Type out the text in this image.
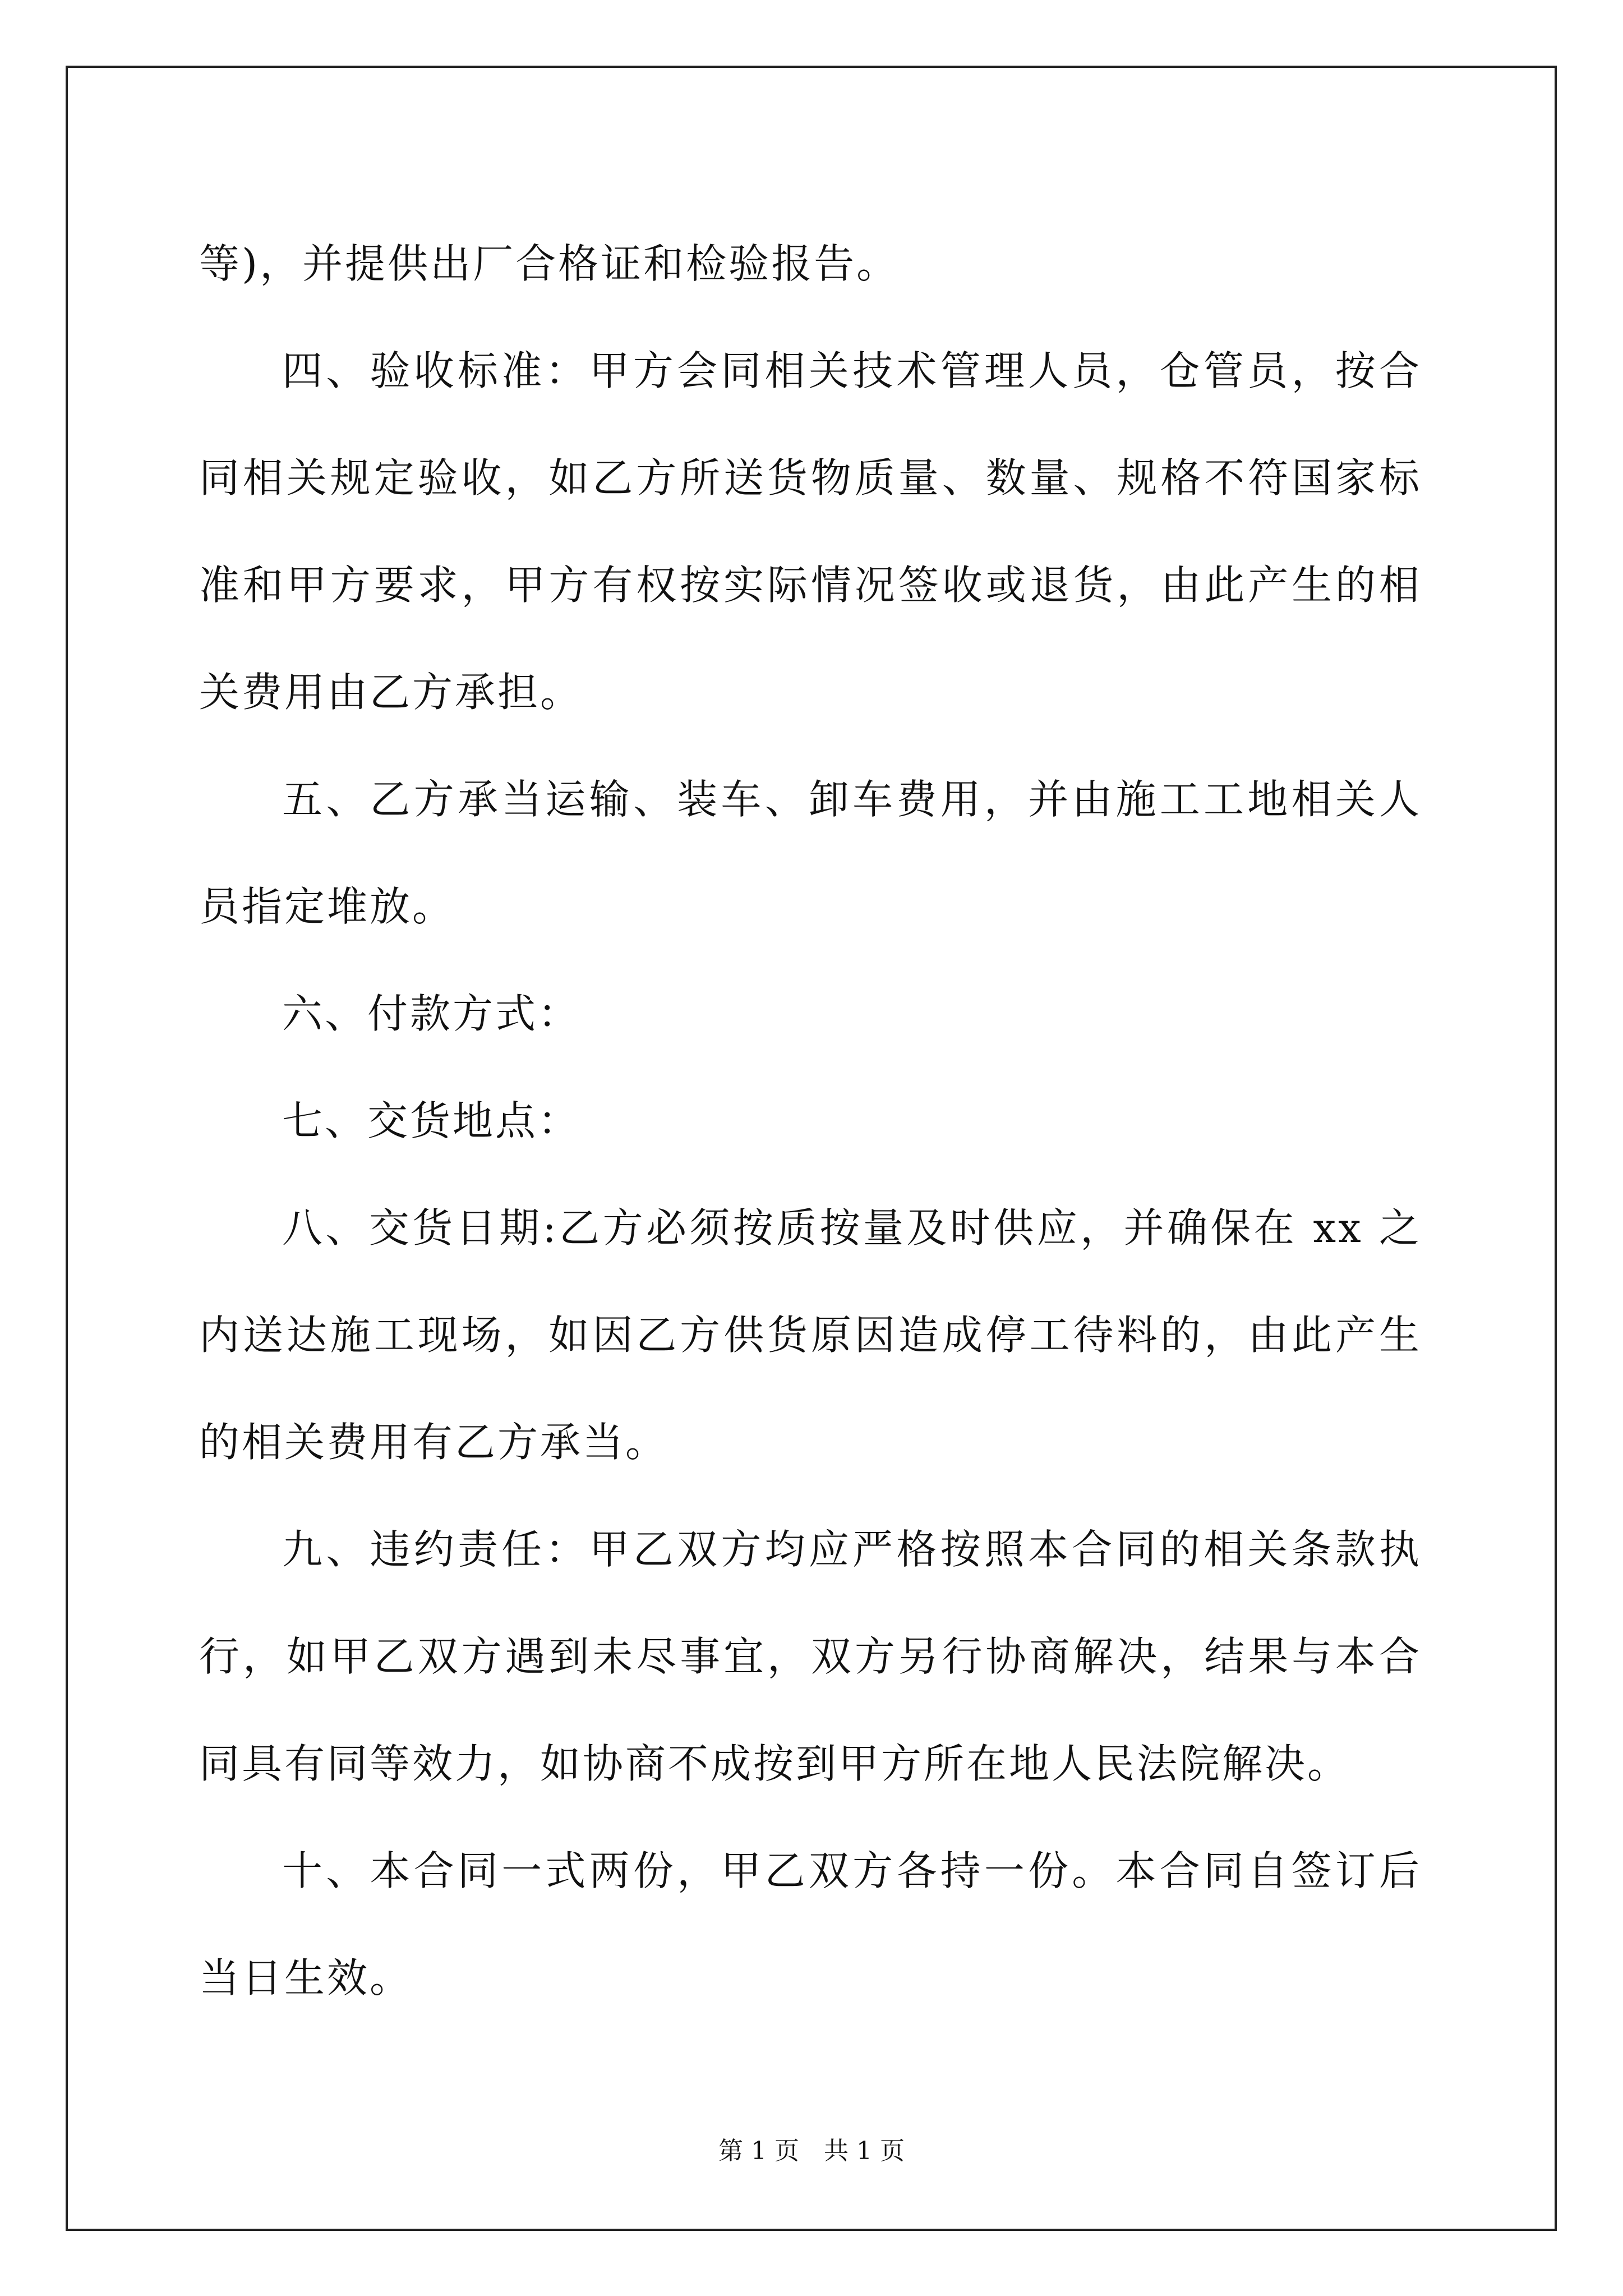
等)，并提供出厂合格证和检验报告。

四、验收标准：甲方会同相关技术管理人员，仓管员，按合同相关规定验收，如乙方所送货物质量、数量、规格不符国家标准和甲方要求，甲方有权按实际情况签收或退货，由此产生的相关费用由乙方承担。

五、乙方承当运输、装车、卸车费用，并由施工工地相关人员指定堆放。

六、付款方式：

七、交货地点：

八、交货日期:乙方必须按质按量及时供应，并确保在 xx 之内送达施工现场，如因乙方供货原因造成停工待料的，由此产生的相关费用有乙方承当。

九、违约责任：甲乙双方均应严格按照本合同的相关条款执行，如甲乙双方遇到未尽事宜，双方另行协商解决，结果与本合同具有同等效力，如协商不成按到甲方所在地人民法院解决。

十、本合同一式两份，甲乙双方各持一份。本合同自签订后当日生效。

第 1 页　共 1 页
